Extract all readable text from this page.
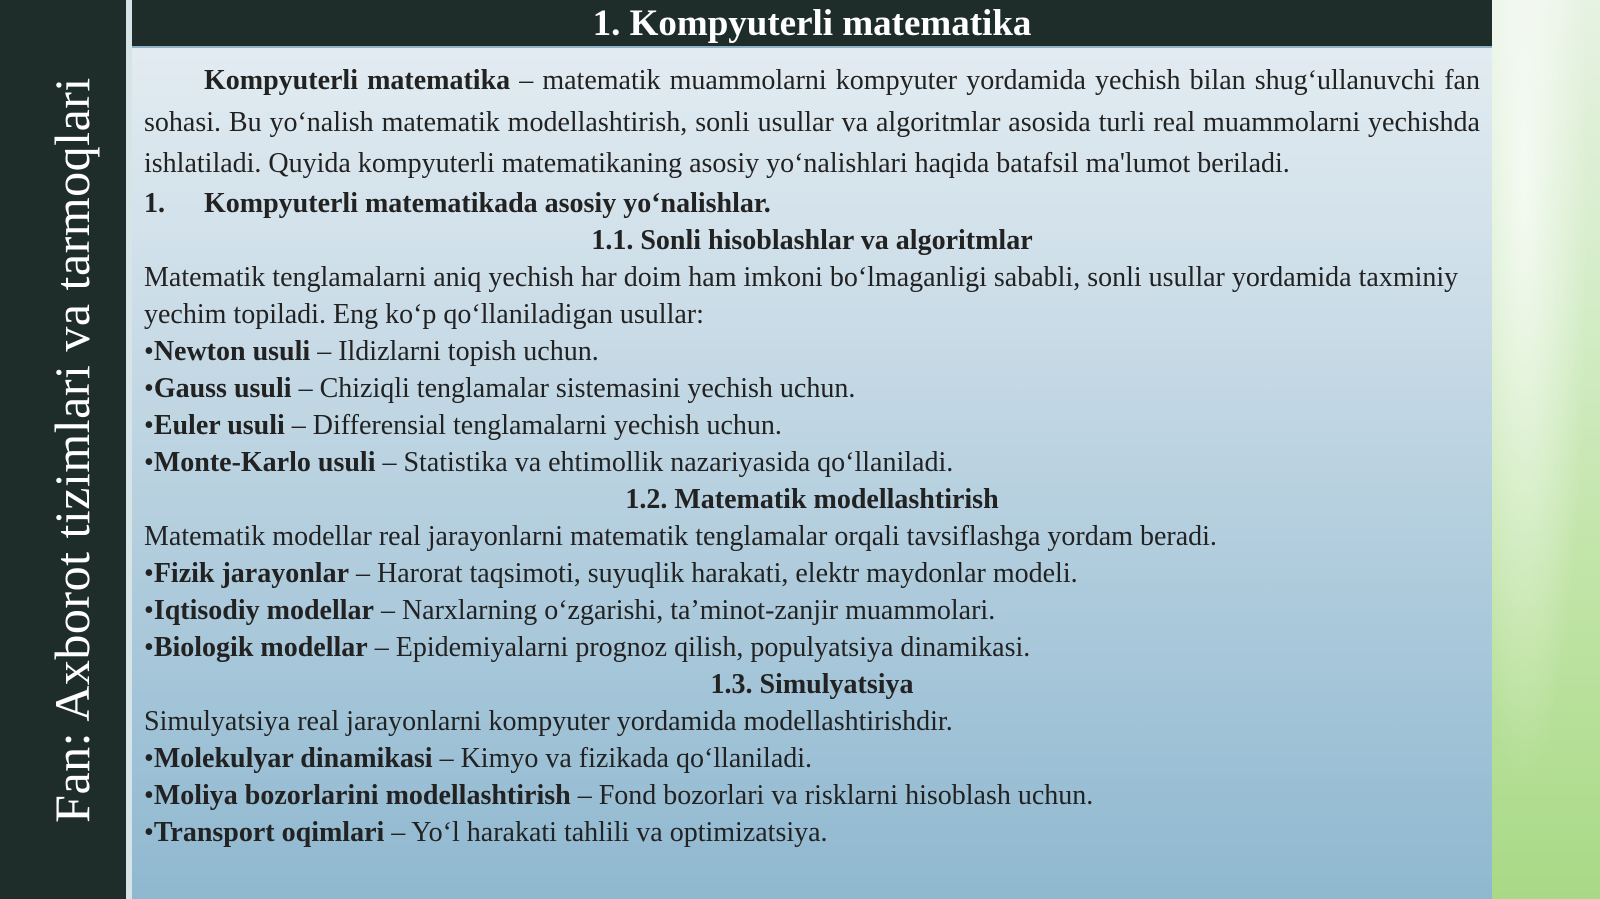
Fan: Axborot tizimlari va tarmoqlari
1. Kompyuterli matematika

Kompyuterli matematika – matematik muammolarni kompyuter yordamida yechish bilan shug‘ullanuvchi fan sohasi. Bu yo‘nalish matematik modellashtirish, sonli usullar va algoritmlar asosida turli real muammolarni yechishda ishlatiladi. Quyida kompyuterli matematikaning asosiy yo‘nalishlari haqida batafsil ma'lumot beriladi.

1. Kompyuterli matematikada asosiy yo‘nalishlar.
1.1. Sonli hisoblashlar va algoritmlar
Matematik tenglamalarni aniq yechish har doim ham imkoni bo‘lmaganligi sababli, sonli usullar yordamida taxminiy yechim topiladi. Eng ko‘p qo‘llaniladigan usullar:
•Newton usuli – Ildizlarni topish uchun.
•Gauss usuli – Chiziqli tenglamalar sistemasini yechish uchun.
•Euler usuli – Differensial tenglamalarni yechish uchun.
•Monte-Karlo usuli – Statistika va ehtimollik nazariyasida qo‘llaniladi.
1.2. Matematik modellashtirish
Matematik modellar real jarayonlarni matematik tenglamalar orqali tavsiflashga yordam beradi.
•Fizik jarayonlar – Harorat taqsimoti, suyuqlik harakati, elektr maydonlar modeli.
•Iqtisodiy modellar – Narxlarning o‘zgarishi, ta’minot-zanjir muammolari.
•Biologik modellar – Epidemiyalarni prognoz qilish, populyatsiya dinamikasi.
1.3. Simulyatsiya
Simulyatsiya real jarayonlarni kompyuter yordamida modellashtirishdir.
•Molekulyar dinamikasi – Kimyo va fizikada qo‘llaniladi.
•Moliya bozorlarini modellashtirish – Fond bozorlari va risklarni hisoblash uchun.
•Transport oqimlari – Yo‘l harakati tahlili va optimizatsiya.
